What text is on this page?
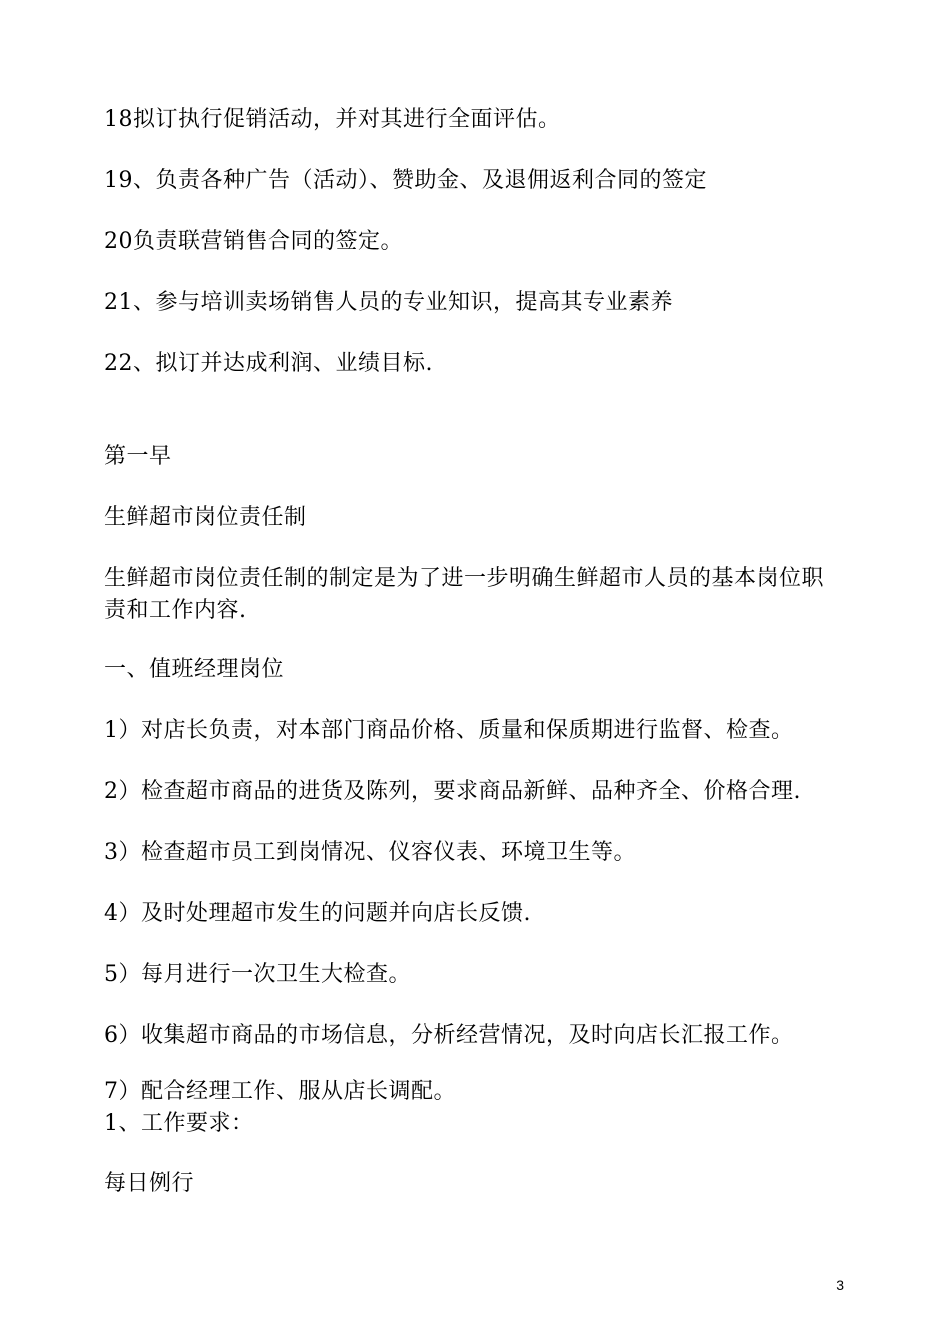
18拟订执行促销活动，并对其进行全面评估。
19、负责各种广告（活动）、赞助金、及退佣返利合同的签定
20负责联营销售合同的签定。
21、参与培训卖场销售人员的专业知识，提高其专业素养
22、拟订并达成利润、业绩目标.
第一早
生鲜超市岗位责任制
生鲜超市岗位责任制的制定是为了进一步明确生鲜超市人员的基本岗位职责和工作内容.
一、值班经理岗位
1）对店长负责，对本部门商品价格、质量和保质期进行监督、检查。
2）检查超市商品的进货及陈列，要求商品新鲜、品种齐全、价格合理.
3）检查超市员工到岗情况、仪容仪表、环境卫生等。
4）及时处理超市发生的问题并向店长反馈.
5）每月进行一次卫生大检查。
6）收集超市商品的市场信息，分析经营情况，及时向店长汇报工作。
7）配合经理工作、服从店长调配。
1、工作要求：
每日例行
3
